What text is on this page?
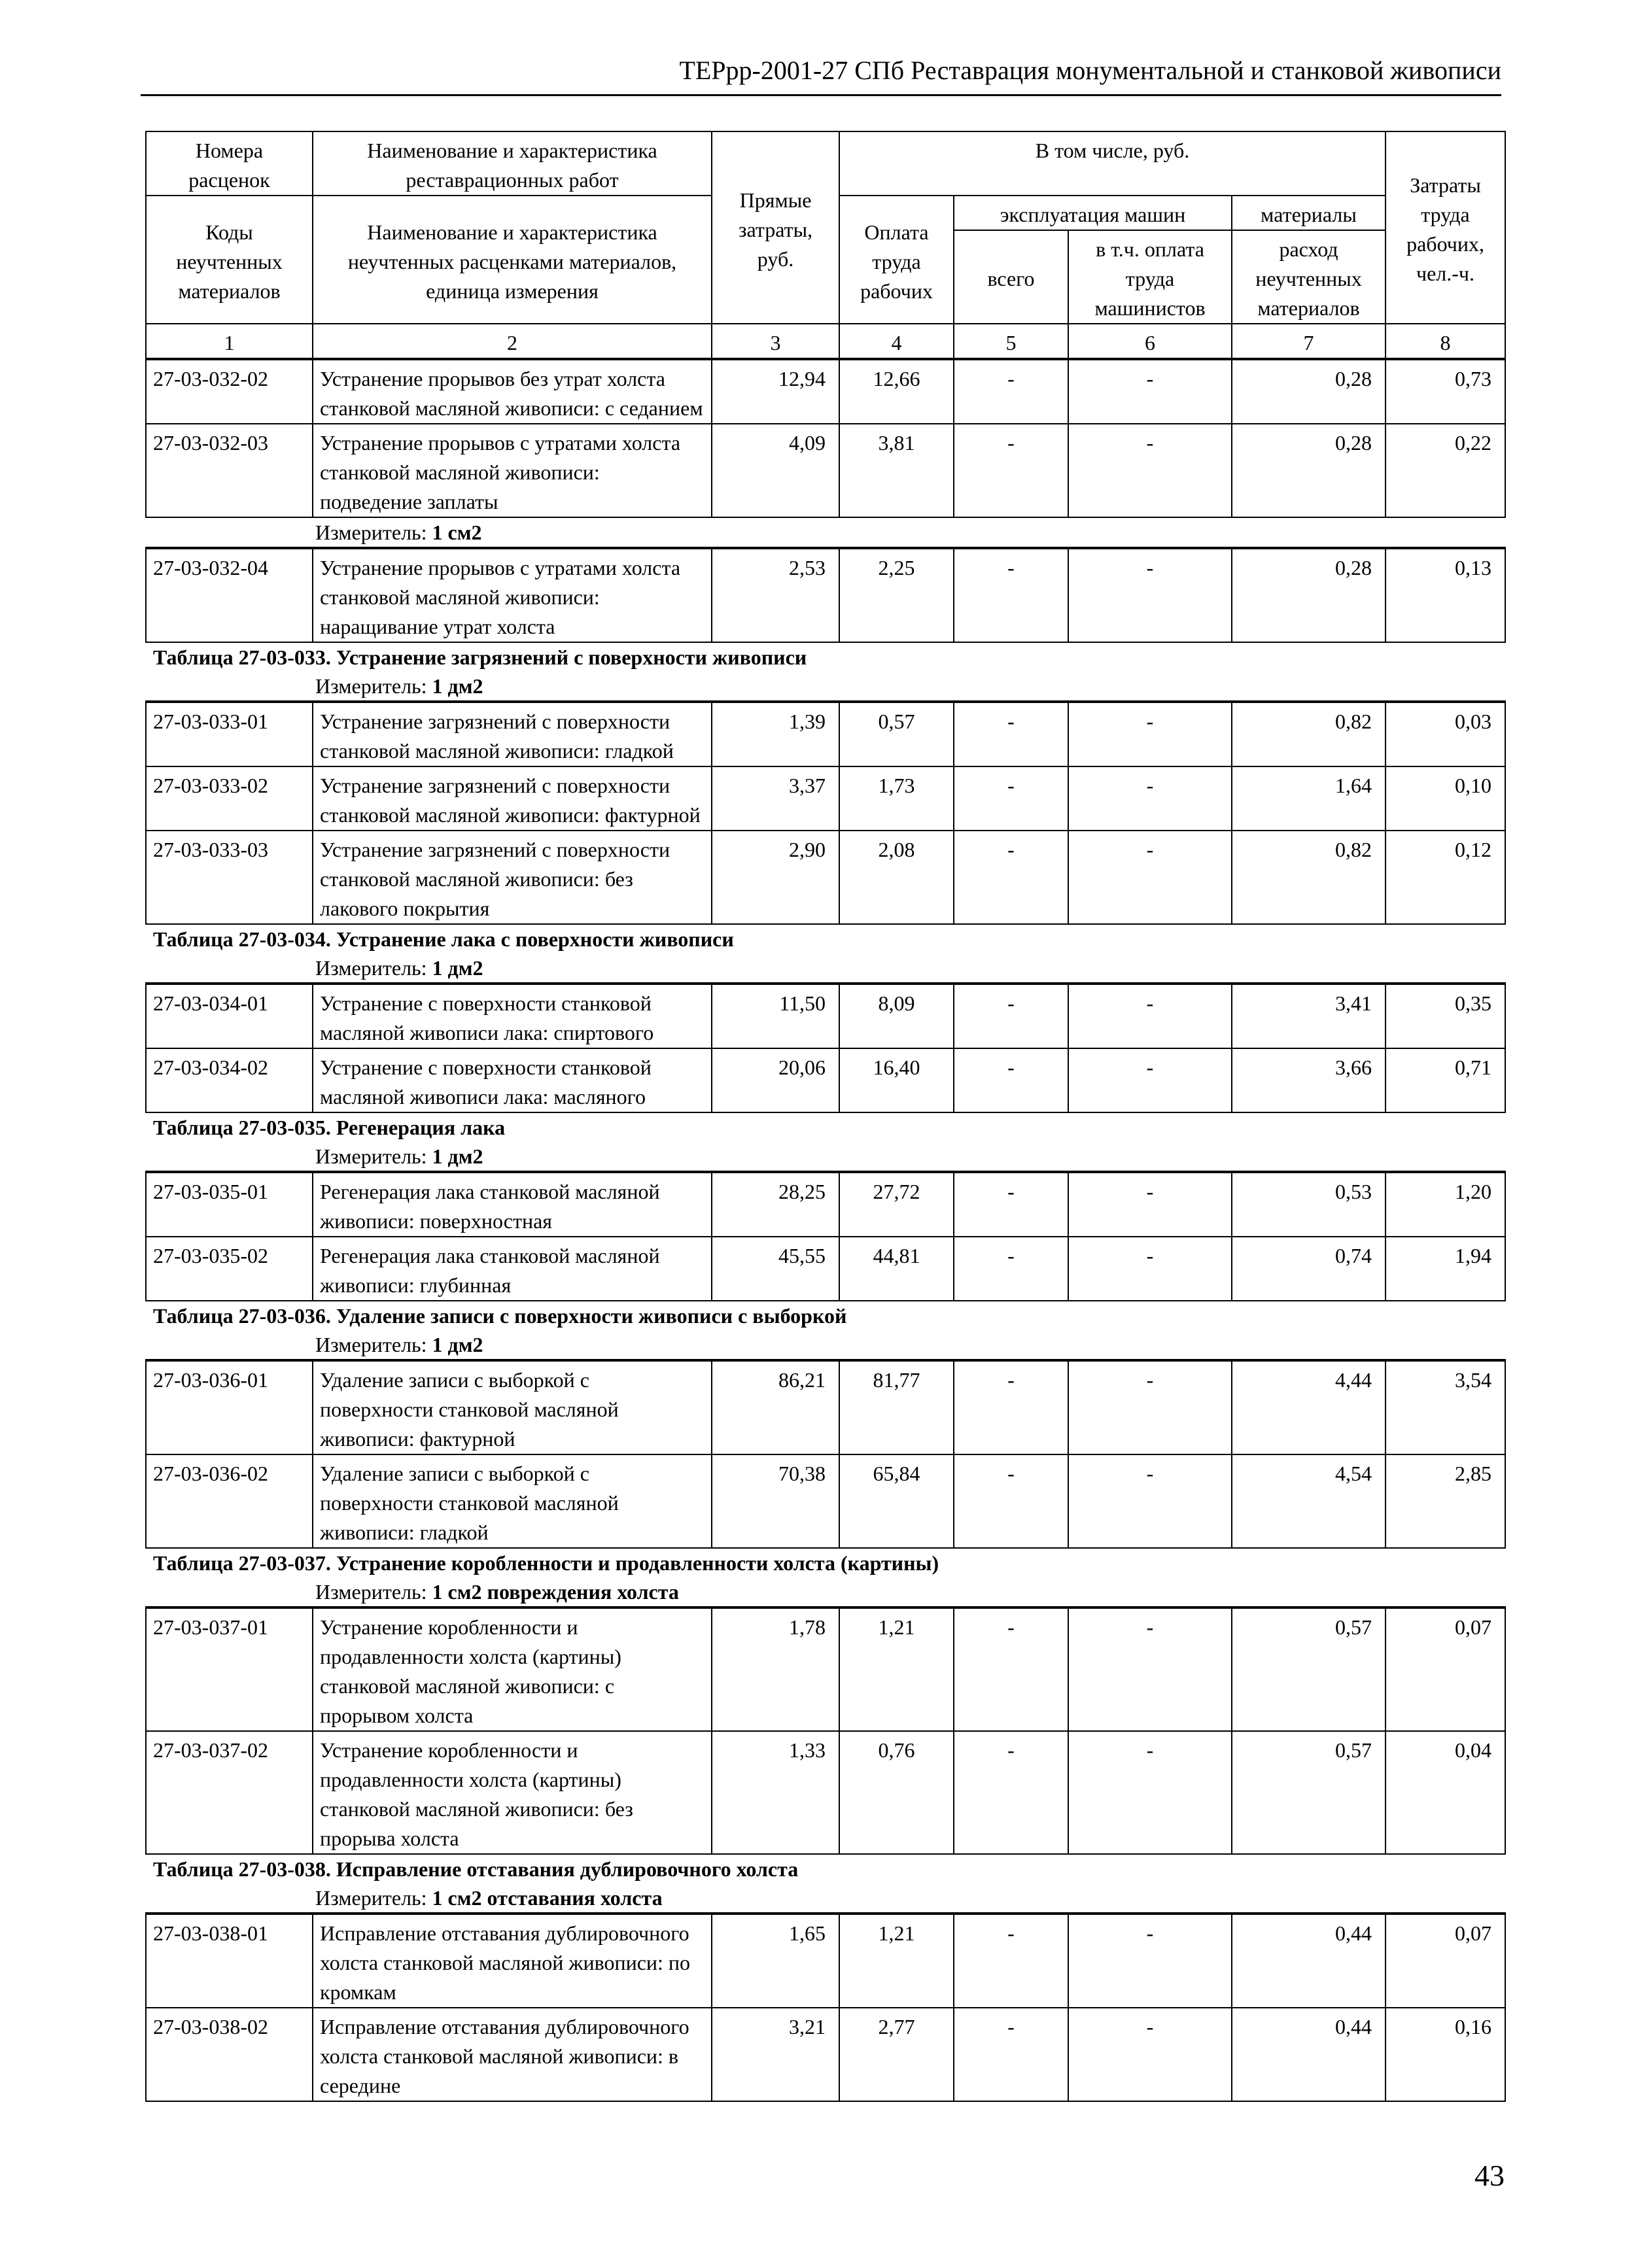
ТЕРрр-2001-27 СПб Реставрация монументальной и станковой живописи
Номера расценок	Наименование и характеристика реставрационных работ	Прямые затраты, руб.	В том числе, руб.				Затраты труда рабочих, чел.-ч.
Коды неучтенных материалов	Наименование и характеристика неучтенных расценками материалов, единица измерения		Оплата труда рабочих	эксплуатация машин		материалы	
				всего	в т.ч. оплата труда машинистов	расход неучтенных материалов	
1	2	3	4	5	6	7	8
27-03-032-02	Устранение прорывов без утрат холста станковой масляной живописи: с седанием	12,94	12,66	-	-	0,28	0,73
27-03-032-03	Устранение прорывов с утратами холста станковой масляной живописи: подведение заплаты	4,09	3,81	-	-	0,28	0,22
Измеритель: 1 см2
27-03-032-04	Устранение прорывов с утратами холста станковой масляной живописи: наращивание утрат холста	2,53	2,25	-	-	0,28	0,13
Таблица 27-03-033. Устранение загрязнений с поверхности живописи
Измеритель: 1 дм2
27-03-033-01	Устранение загрязнений с поверхности станковой масляной живописи: гладкой	1,39	0,57	-	-	0,82	0,03
27-03-033-02	Устранение загрязнений с поверхности станковой масляной живописи: фактурной	3,37	1,73	-	-	1,64	0,10
27-03-033-03	Устранение загрязнений с поверхности станковой масляной живописи: без лакового покрытия	2,90	2,08	-	-	0,82	0,12
Таблица 27-03-034. Устранение лака с поверхности живописи
Измеритель: 1 дм2
27-03-034-01	Устранение с поверхности станковой масляной живописи лака: спиртового	11,50	8,09	-	-	3,41	0,35
27-03-034-02	Устранение с поверхности станковой масляной живописи лака: масляного	20,06	16,40	-	-	3,66	0,71
Таблица 27-03-035. Регенерация лака
Измеритель: 1 дм2
27-03-035-01	Регенерация лака станковой масляной живописи: поверхностная	28,25	27,72	-	-	0,53	1,20
27-03-035-02	Регенерация лака станковой масляной живописи: глубинная	45,55	44,81	-	-	0,74	1,94
Таблица 27-03-036. Удаление записи с поверхности живописи с выборкой
Измеритель: 1 дм2
27-03-036-01	Удаление записи с выборкой с поверхности станковой масляной живописи: фактурной	86,21	81,77	-	-	4,44	3,54
27-03-036-02	Удаление записи с выборкой с поверхности станковой масляной живописи: гладкой	70,38	65,84	-	-	4,54	2,85
Таблица 27-03-037. Устранение коробленности и продавленности холста (картины)
Измеритель: 1 см2 повреждения холста
27-03-037-01	Устранение коробленности и продавленности холста (картины) станковой масляной живописи: с прорывом холста	1,78	1,21	-	-	0,57	0,07
27-03-037-02	Устранение коробленности и продавленности холста (картины) станковой масляной живописи: без прорыва холста	1,33	0,76	-	-	0,57	0,04
Таблица 27-03-038. Исправление отставания дублировочного холста
Измеритель: 1 см2 отставания холста
27-03-038-01	Исправление отставания дублировочного холста станковой масляной живописи: по кромкам	1,65	1,21	-	-	0,44	0,07
27-03-038-02	Исправление отставания дублировочного холста станковой масляной живописи: в середине	3,21	2,77	-	-	0,44	0,16
43
